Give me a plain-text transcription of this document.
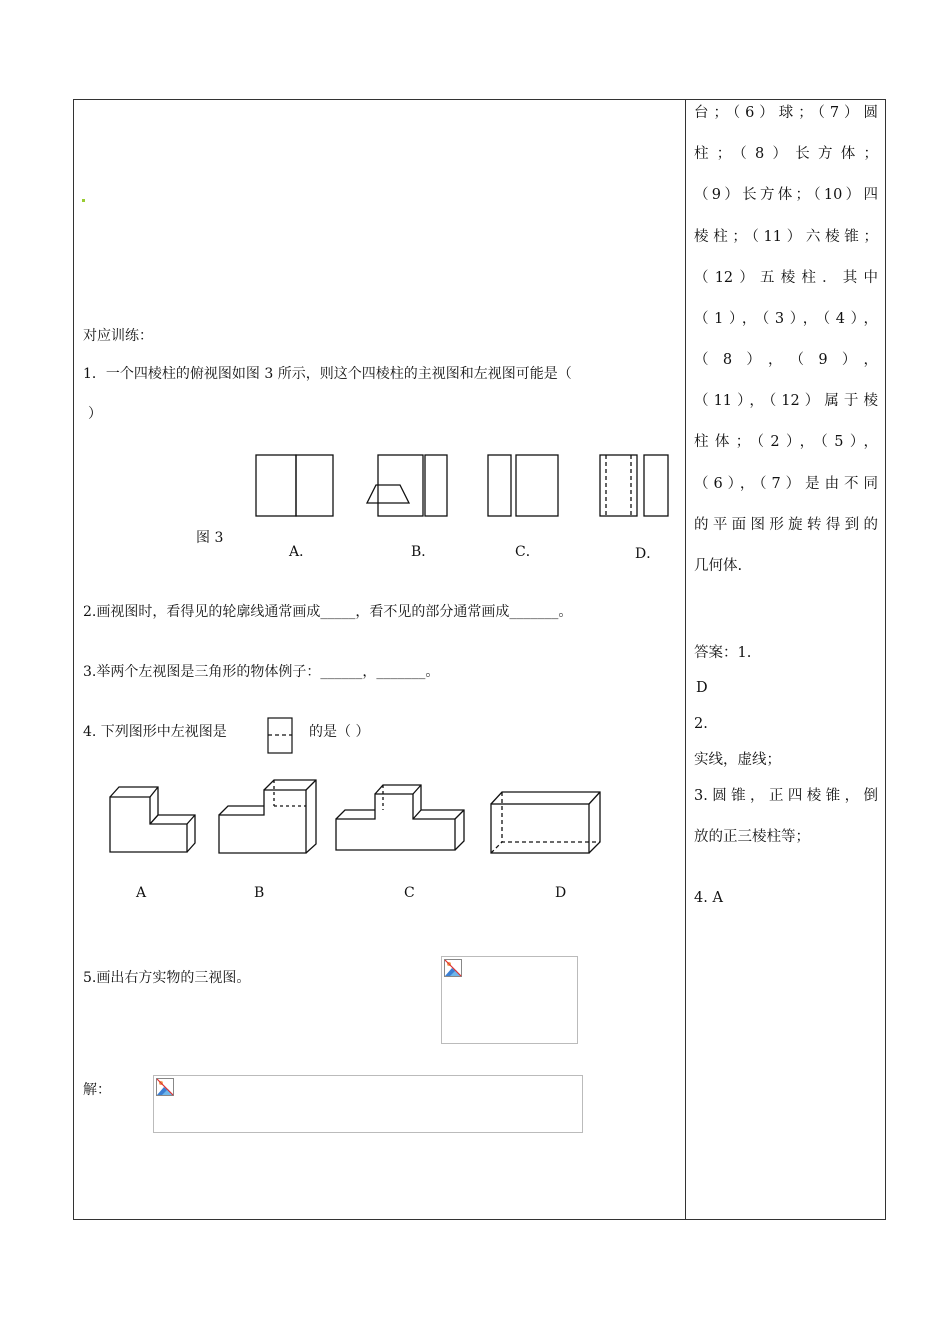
对应训练：
1．一个四棱柱的俯视图如图 3 所示，则这个四棱柱的主视图和左视图可能是（
）
图 3
A．	B．	C．	D．
2.画视图时，看得见的轮廓线通常画成_____，看不见的部分通常画成_______。
3.举两个左视图是三角形的物体例子：______，_______。
4. 下列图形中左视图是	的是（ ）
A	B	C	D
5.画出右方实物的三视图。
解：

台；（6）球；（7）圆

柱；（8）长方体；

（9）长方体；（10）四

棱柱；（11）六棱锥；

（12）五棱柱．其中

（1），（3），（4），

（8），（9），

（11），（12）属于棱

柱体；（2），（5），

（6），（7）是由不同

的平面图形旋转得到的

几何体.

答案：1.

D

2.

实线，虚线；

3.圆锥，正四棱锥，倒

放的正三棱柱等；

4. A
